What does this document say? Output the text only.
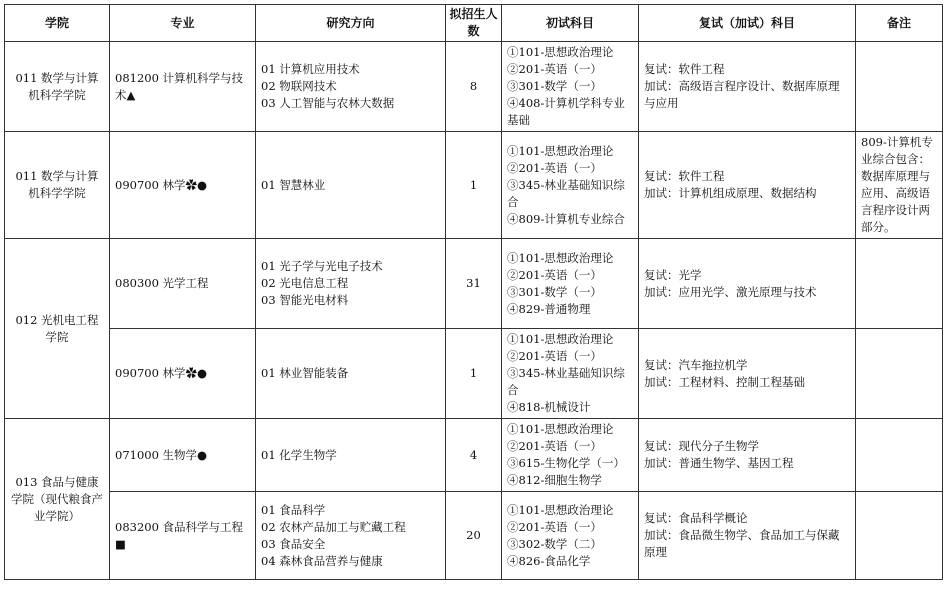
学院	专业	研究方向	拟招生人数	初试科目	复试（加试）科目	备注

011 数学与计算机科学学院	081200 计算机科学与技术▲	01 计算机应用技术
02 物联网技术
03 人工智能与农林大数据	8	①101-思想政治理论
②201-英语（一）
③301-数学（一）
④408-计算机学科专业基础	复试：软件工程
加试：高级语言程序设计、数据库原理与应用	

011 数学与计算机科学学院	090700 林学✿●	01 智慧林业	1	①101-思想政治理论
②201-英语（一）
③345-林业基础知识综合
④809-计算机专业综合	复试：软件工程
加试：计算机组成原理、数据结构	809-计算机专业综合包含：数据库原理与应用、高级语言程序设计两部分。

012 光机电工程学院	080300 光学工程	01 光子学与光电子技术
02 光电信息工程
03 智能光电材料	31	①101-思想政治理论
②201-英语（一）
③301-数学（一）
④829-普通物理	复试：光学
加试：应用光学、激光原理与技术	

	090700 林学✿●	01 林业智能装备	1	①101-思想政治理论
②201-英语（一）
③345-林业基础知识综合
④818-机械设计	复试：汽车拖拉机学
加试：工程材料、控制工程基础	

013 食品与健康学院（现代粮食产业学院）	071000 生物学●	01 化学生物学	4	①101-思想政治理论
②201-英语（一）
③615-生物化学（一）
④812-细胞生物学	复试：现代分子生物学
加试：普通生物学、基因工程	

	083200 食品科学与工程■	01 食品科学
02 农林产品加工与贮藏工程
03 食品安全
04 森林食品营养与健康	20	①101-思想政治理论
②201-英语（一）
③302-数学（二）
④826-食品化学	复试：食品科学概论
加试：食品微生物学、食品加工与保藏原理	
